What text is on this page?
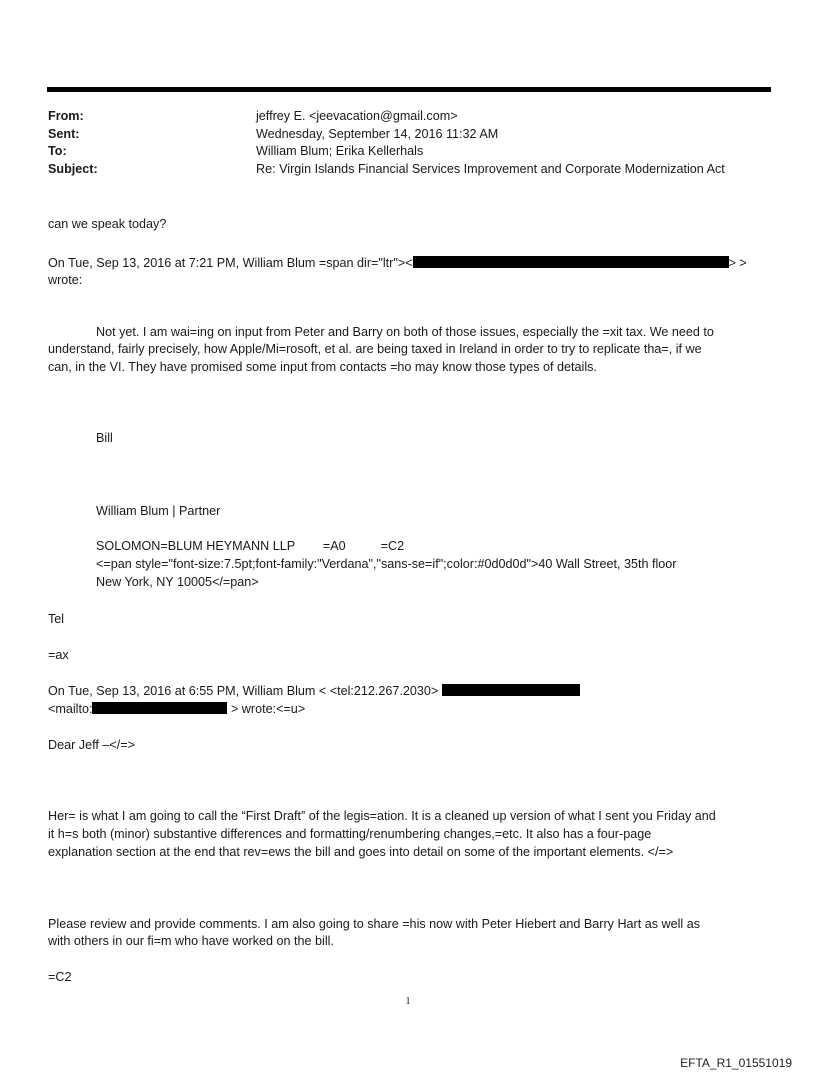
From:	jeffrey E. <jeevacation@gmail.com>
Sent:	Wednesday, September 14, 2016 11:32 AM
To:	William Blum; Erika Kellerhals
Subject:	Re: Virgin Islands Financial Services Improvement and Corporate Modernization Act
can we speak today?
On Tue, Sep 13, 2016 at 7:21 PM, William Blum =span dir="ltr"><	> >
wrote:
Not yet. I am wai=ing on input from Peter and Barry on both of those issues, especially the =xit tax. We need to
understand, fairly precisely, how Apple/Mi=rosoft, et al. are being taxed in Ireland in order to try to replicate tha=, if we
can, in the VI. They have promised some input from contacts =ho may know those types of details.
Bill
William Blum | Partner
SOLOMON=BLUM HEYMANN LLP        =A0          =C2
<=pan style="font-size:7.5pt;font-family:"Verdana","sans-se=if";color:#0d0d0d">40 Wall Street, 35th floor
New York, NY 10005</=pan>
Tel
=ax
On Tue, Sep 13, 2016 at 6:55 PM, William Blum < <tel:212.267.2030>
<mailto:	> wrote:<=u>
Dear Jeff –</=>
Her= is what I am going to call the “First Draft” of the legis=ation. It is a cleaned up version of what I sent you Friday and
it h=s both (minor) substantive differences and formatting/renumbering changes,=etc. It also has a four-page
explanation section at the end that rev=ews the bill and goes into detail on some of the important elements. </=>
Please review and provide comments. I am also going to share =his now with Peter Hiebert and Barry Hart as well as
with others in our fi=m who have worked on the bill.
=C2
1
EFTA_R1_01551019
